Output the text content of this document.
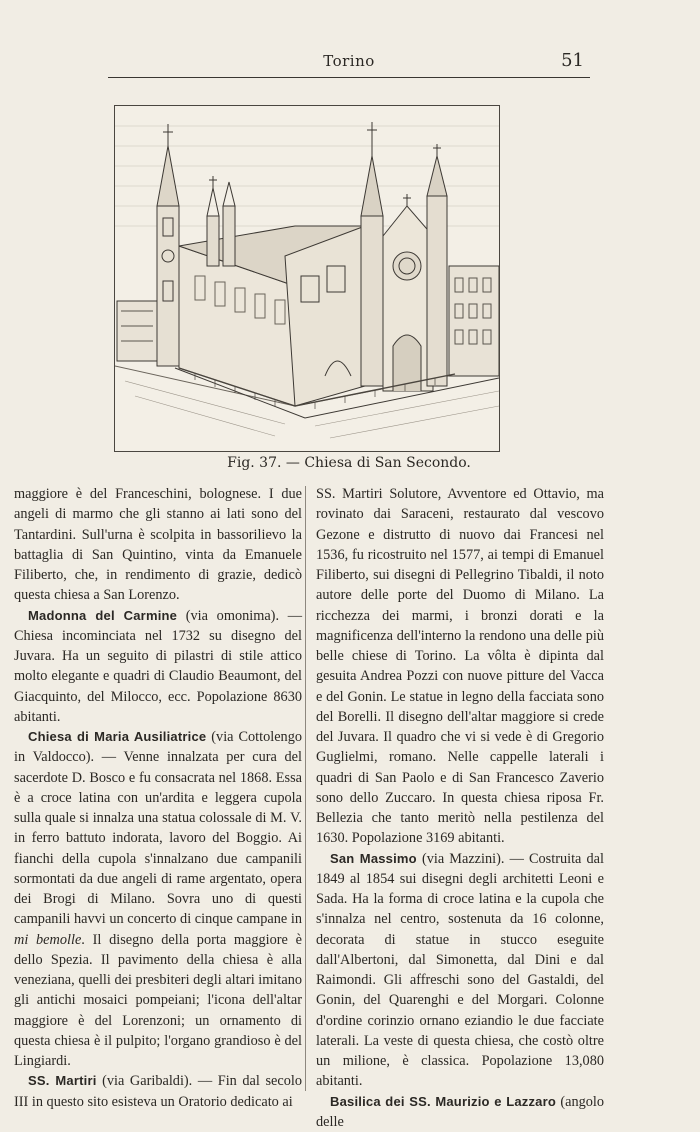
Torino	51
Fig. 37. — Chiesa di San Secondo.

maggiore è del Franceschini, bolognese. I due angeli di marmo che gli stanno ai lati sono del Tantardini. Sull'urna è scolpita in bassorilievo la battaglia di San Quintino, vinta da Emanuele Filiberto, che, in rendimento di grazie, dedicò questa chiesa a San Lorenzo.

Madonna del Carmine (via omonima). — Chiesa incominciata nel 1732 su disegno del Juvara. Ha un seguito di pilastri di stile attico molto elegante e quadri di Claudio Beaumont, del Giacquinto, del Milocco, ecc. Popolazione 8630 abitanti.

Chiesa di Maria Ausiliatrice (via Cottolengo in Valdocco). — Venne innalzata per cura del sacerdote D. Bosco e fu consacrata nel 1868. Essa è a croce latina con un'ardita e leggera cupola sulla quale si innalza una statua colossale di M. V. in ferro battuto indorata, lavoro del Boggio. Ai fianchi della cupola s'innalzano due campanili sormontati da due angeli di rame argentato, opera dei Brogi di Milano. Sovra uno di questi campanili havvi un concerto di cinque campane in mi bemolle. Il disegno della porta maggiore è dello Spezia. Il pavimento della chiesa è alla veneziana, quelli dei presbiteri degli altari imitano gli antichi mosaici pompeiani; l'icona dell'altar maggiore è del Lorenzoni; un ornamento di questa chiesa è il pulpito; l'organo grandioso è del Lingiardi.

SS. Martiri (via Garibaldi). — Fin dal secolo III in questo sito esisteva un Oratorio dedicato ai

SS. Martiri Solutore, Avventore ed Ottavio, ma rovinato dai Saraceni, restaurato dal vescovo Gezone e distrutto di nuovo dai Francesi nel 1536, fu ricostruito nel 1577, ai tempi di Emanuel Filiberto, sui disegni di Pellegrino Tibaldi, il noto autore delle porte del Duomo di Milano. La ricchezza dei marmi, i bronzi dorati e la magnificenza dell'interno la rendono una delle più belle chiese di Torino. La vôlta è dipinta dal gesuita Andrea Pozzi con nuove pitture del Vacca e del Gonin. Le statue in legno della facciata sono del Borelli. Il disegno dell'altar maggiore si crede del Juvara. Il quadro che vi si vede è di Gregorio Guglielmi, romano. Nelle cappelle laterali i quadri di San Paolo e di San Francesco Zaverio sono dello Zuccaro. In questa chiesa riposa Fr. Bellezia che tanto meritò nella pestilenza del 1630. Popolazione 3169 abitanti.

San Massimo (via Mazzini). — Costruita dal 1849 al 1854 sui disegni degli architetti Leoni e Sada. Ha la forma di croce latina e la cupola che s'innalza nel centro, sostenuta da 16 colonne, decorata di statue in stucco eseguite dall'Albertoni, dal Simonetta, dal Dini e dal Raimondi. Gli affreschi sono del Gastaldi, del Gonin, del Quarenghi e del Morgari. Colonne d'ordine corinzio ornano eziandio le due facciate laterali. La veste di questa chiesa, che costò oltre un milione, è classica. Popolazione 13,080 abitanti.

Basilica dei SS. Maurizio e Lazzaro (angolo delle
